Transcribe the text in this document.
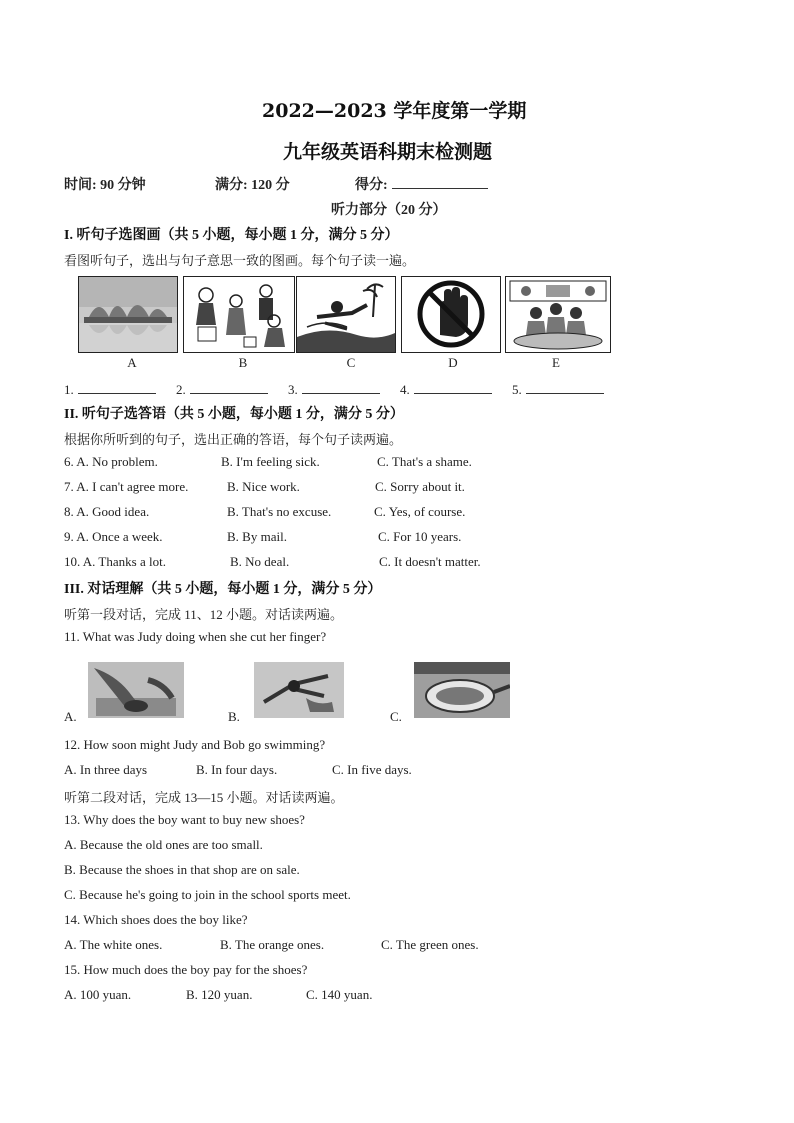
2022—2023 学年度第一学期
九年级英语科期末检测题
时间: 90 分钟	满分: 120 分	得分:
听力部分（20 分）
I. 听句子选图画（共 5 小题，每小题 1 分，满分 5 分）
看图听句子，选出与句子意思一致的图画。每个句子读一遍。
A	B	C	D	E
1.	2.	3.	4.	5.
II. 听句子选答语（共 5 小题，每小题 1 分，满分 5 分）
根据你所听到的句子，选出正确的答语，每个句子读两遍。
6. A. No problem.	B. I'm feeling sick.	C. That's a shame.
7. A. I can't agree more.	B. Nice work.	C. Sorry about it.
8. A. Good idea.	B. That's no excuse.	C. Yes, of course.
9. A. Once a week.	B. By mail.	C. For 10 years.
10. A. Thanks a lot.	B. No deal.	C. It doesn't matter.
III. 对话理解（共 5 小题，每小题 1 分，满分 5 分）
听第一段对话，完成 11、12 小题。对话读两遍。
11. What was Judy doing when she cut her finger?
A.	B.	C.
12. How soon might Judy and Bob go swimming?
A. In three days	B. In four days.	C. In five days.
听第二段对话，完成 13—15 小题。对话读两遍。
13. Why does the boy want to buy new shoes?
A. Because the old ones are too small.
B. Because the shoes in that shop are on sale.
C. Because he's going to join in the school sports meet.
14. Which shoes does the boy like?
A. The white ones.	B. The orange ones.	C. The green ones.
15. How much does the boy pay for the shoes?
A. 100 yuan.	B. 120 yuan.	C. 140 yuan.
